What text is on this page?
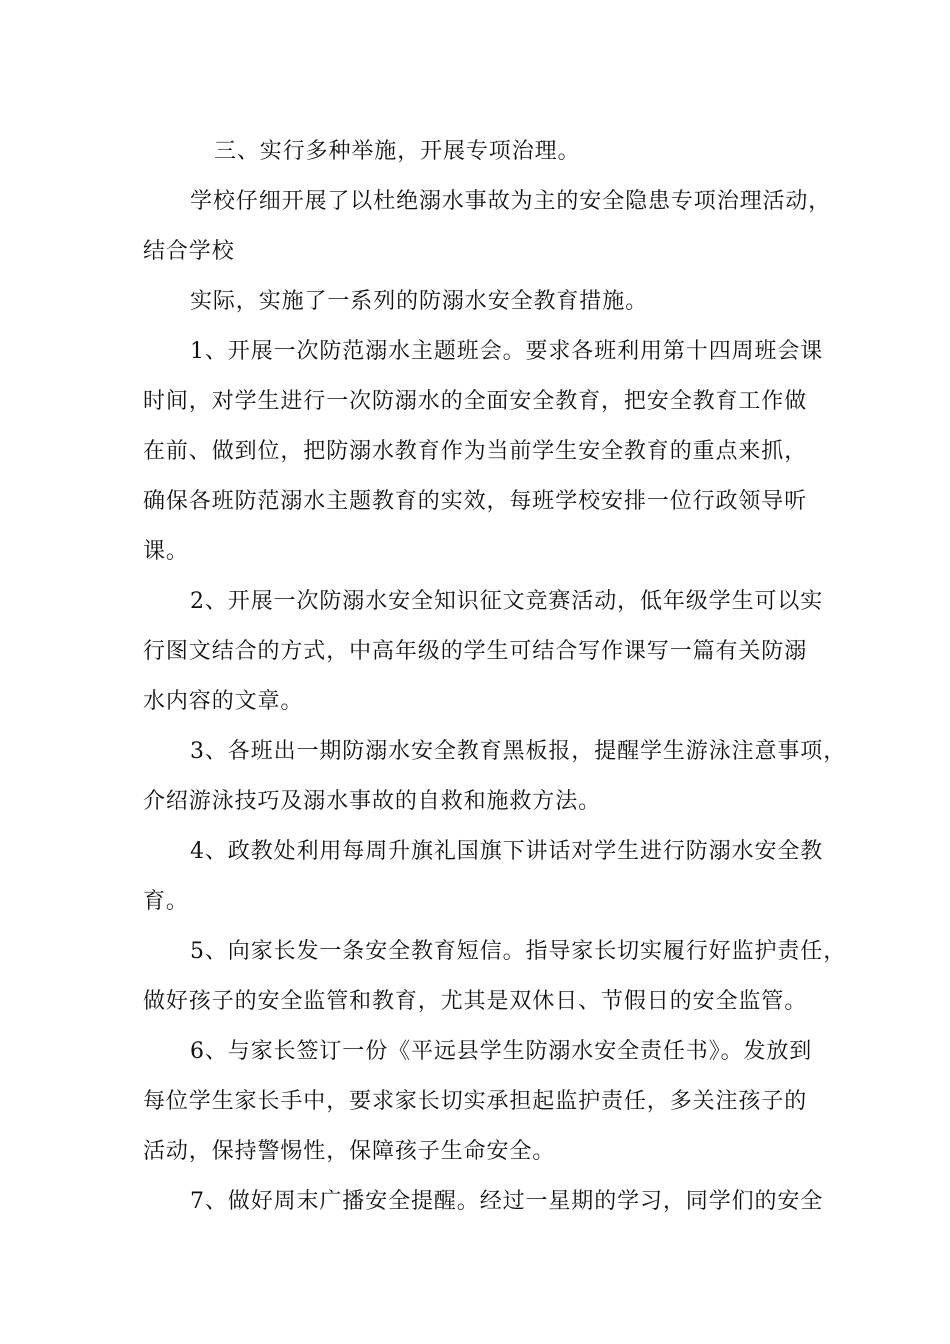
三、实行多种举施，开展专项治理。
学校仔细开展了以杜绝溺水事故为主的安全隐患专项治理活动，
结合学校
实际，实施了一系列的防溺水安全教育措施。
1、开展一次防范溺水主题班会。要求各班利用第十四周班会课
时间，对学生进行一次防溺水的全面安全教育，把安全教育工作做
在前、做到位，把防溺水教育作为当前学生安全教育的重点来抓，
确保各班防范溺水主题教育的实效，每班学校安排一位行政领导听
课。
2、开展一次防溺水安全知识征文竞赛活动，低年级学生可以实
行图文结合的方式，中高年级的学生可结合写作课写一篇有关防溺
水内容的文章。
3、各班出一期防溺水安全教育黑板报，提醒学生游泳注意事项，
介绍游泳技巧及溺水事故的自救和施救方法。
4、政教处利用每周升旗礼国旗下讲话对学生进行防溺水安全教
育。
5、向家长发一条安全教育短信。指导家长切实履行好监护责任，
做好孩子的安全监管和教育，尤其是双休日、节假日的安全监管。
6、与家长签订一份《平远县学生防溺水安全责任书》。发放到
每位学生家长手中，要求家长切实承担起监护责任，多关注孩子的
活动，保持警惕性，保障孩子生命安全。
7、做好周末广播安全提醒。经过一星期的学习，同学们的安全
